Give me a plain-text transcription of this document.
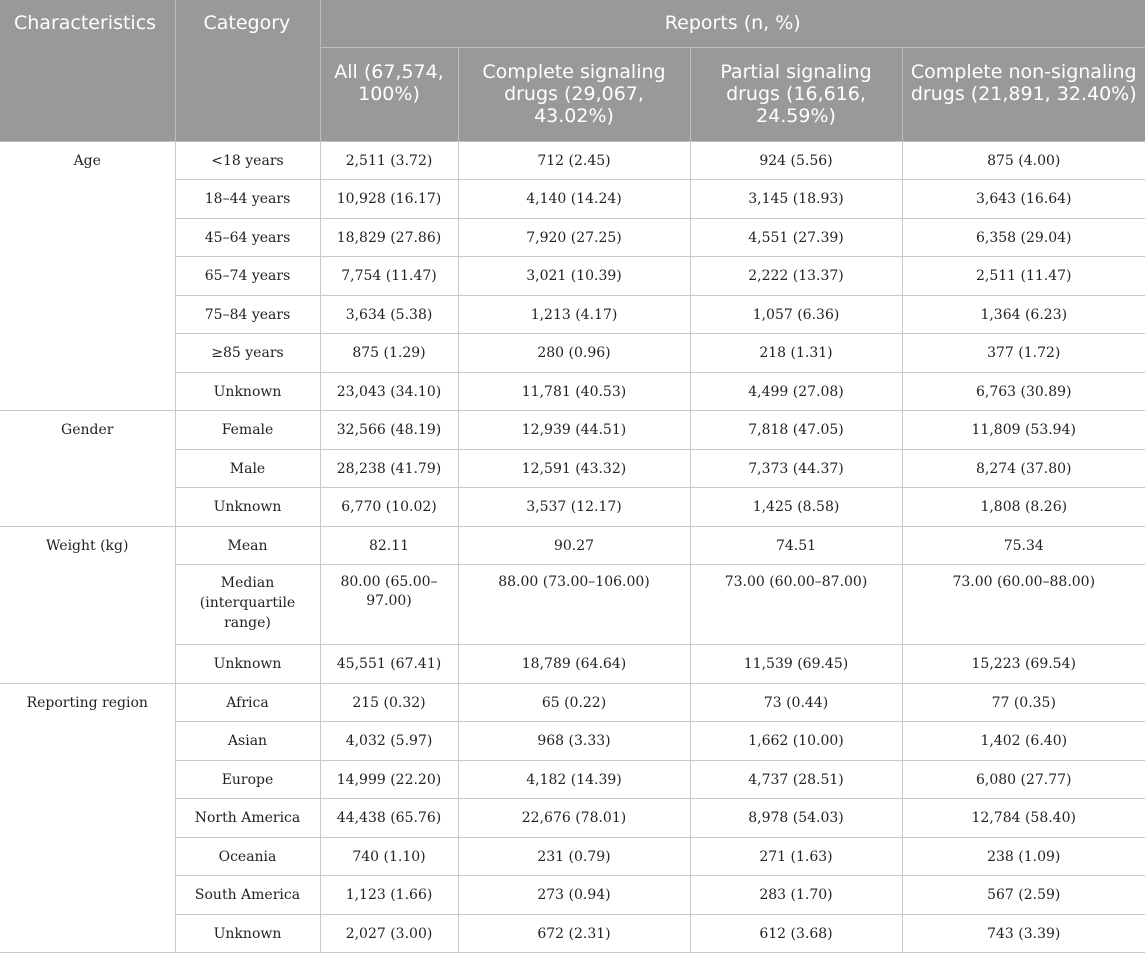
Characteristics	Category	Reports (n, %)			
		All (67,574, 100%)	Complete signaling drugs (29,067, 43.02%)	Partial signaling drugs (16,616, 24.59%)	Complete non-signaling drugs (21,891, 32.40%)
Age	<18 years	2,511 (3.72)	712 (2.45)	924 (5.56)	875 (4.00)
	18–44 years	10,928 (16.17)	4,140 (14.24)	3,145 (18.93)	3,643 (16.64)
	45–64 years	18,829 (27.86)	7,920 (27.25)	4,551 (27.39)	6,358 (29.04)
	65–74 years	7,754 (11.47)	3,021 (10.39)	2,222 (13.37)	2,511 (11.47)
	75–84 years	3,634 (5.38)	1,213 (4.17)	1,057 (6.36)	1,364 (6.23)
	≥85 years	875 (1.29)	280 (0.96)	218 (1.31)	377 (1.72)
	Unknown	23,043 (34.10)	11,781 (40.53)	4,499 (27.08)	6,763 (30.89)
Gender	Female	32,566 (48.19)	12,939 (44.51)	7,818 (47.05)	11,809 (53.94)
	Male	28,238 (41.79)	12,591 (43.32)	7,373 (44.37)	8,274 (37.80)
	Unknown	6,770 (10.02)	3,537 (12.17)	1,425 (8.58)	1,808 (8.26)
Weight (kg)	Mean	82.11	90.27	74.51	75.34
	Median (interquartile range)	80.00 (65.00–97.00)	88.00 (73.00–106.00)	73.00 (60.00–87.00)	73.00 (60.00–88.00)
	Unknown	45,551 (67.41)	18,789 (64.64)	11,539 (69.45)	15,223 (69.54)
Reporting region	Africa	215 (0.32)	65 (0.22)	73 (0.44)	77 (0.35)
	Asian	4,032 (5.97)	968 (3.33)	1,662 (10.00)	1,402 (6.40)
	Europe	14,999 (22.20)	4,182 (14.39)	4,737 (28.51)	6,080 (27.77)
	North America	44,438 (65.76)	22,676 (78.01)	8,978 (54.03)	12,784 (58.40)
	Oceania	740 (1.10)	231 (0.79)	271 (1.63)	238 (1.09)
	South America	1,123 (1.66)	273 (0.94)	283 (1.70)	567 (2.59)
	Unknown	2,027 (3.00)	672 (2.31)	612 (3.68)	743 (3.39)
